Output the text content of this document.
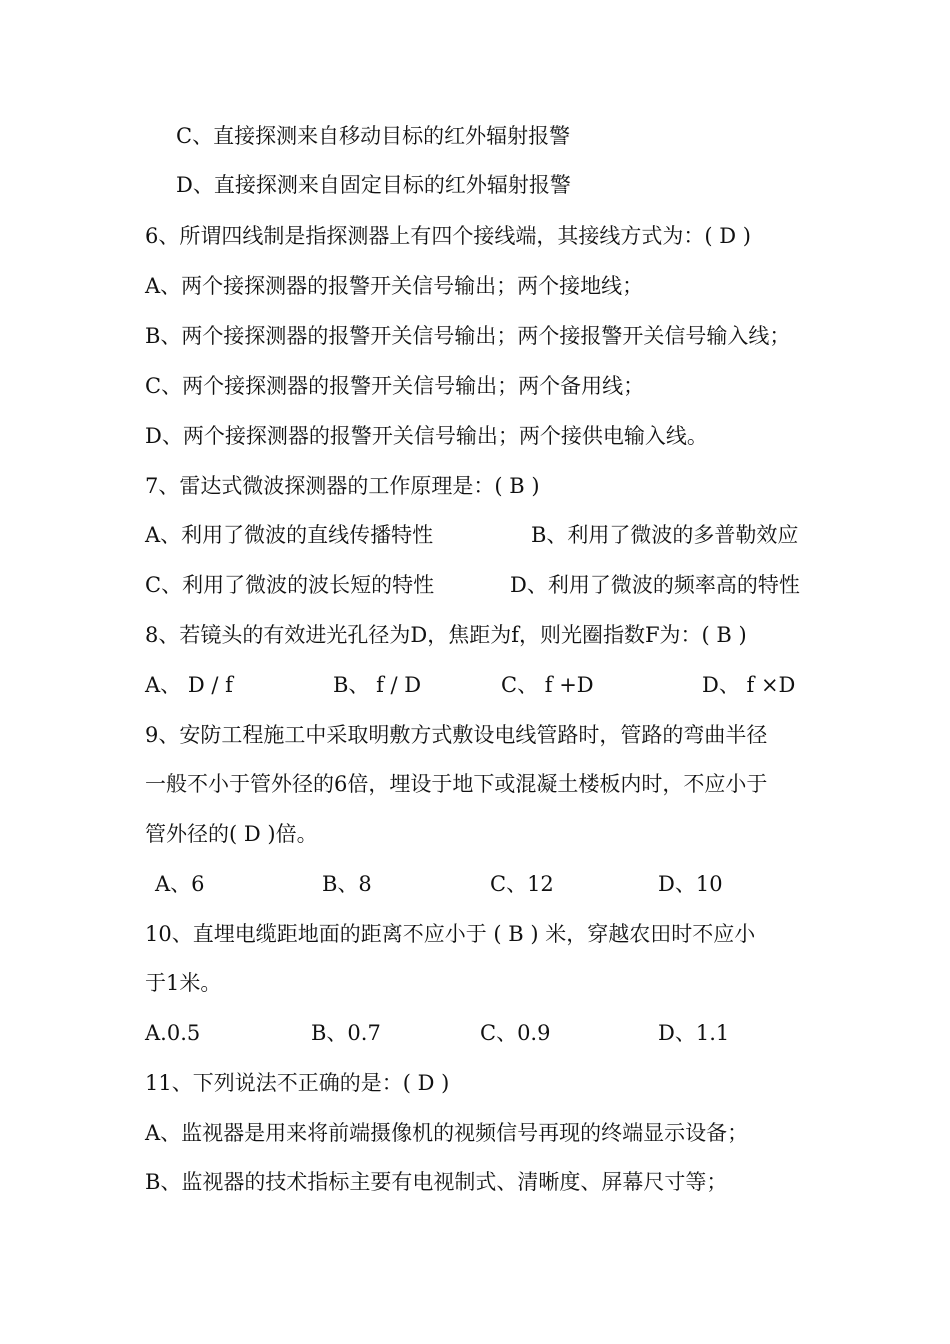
C、直接探测来自移动目标的红外辐射报警
D、直接探测来自固定目标的红外辐射报警
6、所谓四线制是指探测器上有四个接线端，其接线方式为：( D )
A、两个接探测器的报警开关信号输出；两个接地线；
B、两个接探测器的报警开关信号输出；两个接报警开关信号输入线；
C、两个接探测器的报警开关信号输出；两个备用线；
D、两个接探测器的报警开关信号输出；两个接供电输入线。
7、雷达式微波探测器的工作原理是：( B )
A、利用了微波的直线传播特性	B、利用了微波的多普勒效应
C、利用了微波的波长短的特性	D、利用了微波的频率高的特性
8、若镜头的有效进光孔径为D，焦距为f，则光圈指数F为：( B )
A、 D / f	B、 f / D	C、 f +D	D、 f ×D
9、安防工程施工中采取明敷方式敷设电线管路时，管路的弯曲半径
一般不小于管外径的6倍，埋设于地下或混凝土楼板内时，不应小于
管外径的( D )倍。
A、6	B、8	C、12	D、10
10、直埋电缆距地面的距离不应小于 ( B ) 米，穿越农田时不应小
于1米。
A.0.5	B、0.7	C、0.9	D、1.1
11、下列说法不正确的是：( D )
A、监视器是用来将前端摄像机的视频信号再现的终端显示设备；
B、监视器的技术指标主要有电视制式、清晰度、屏幕尺寸等；
